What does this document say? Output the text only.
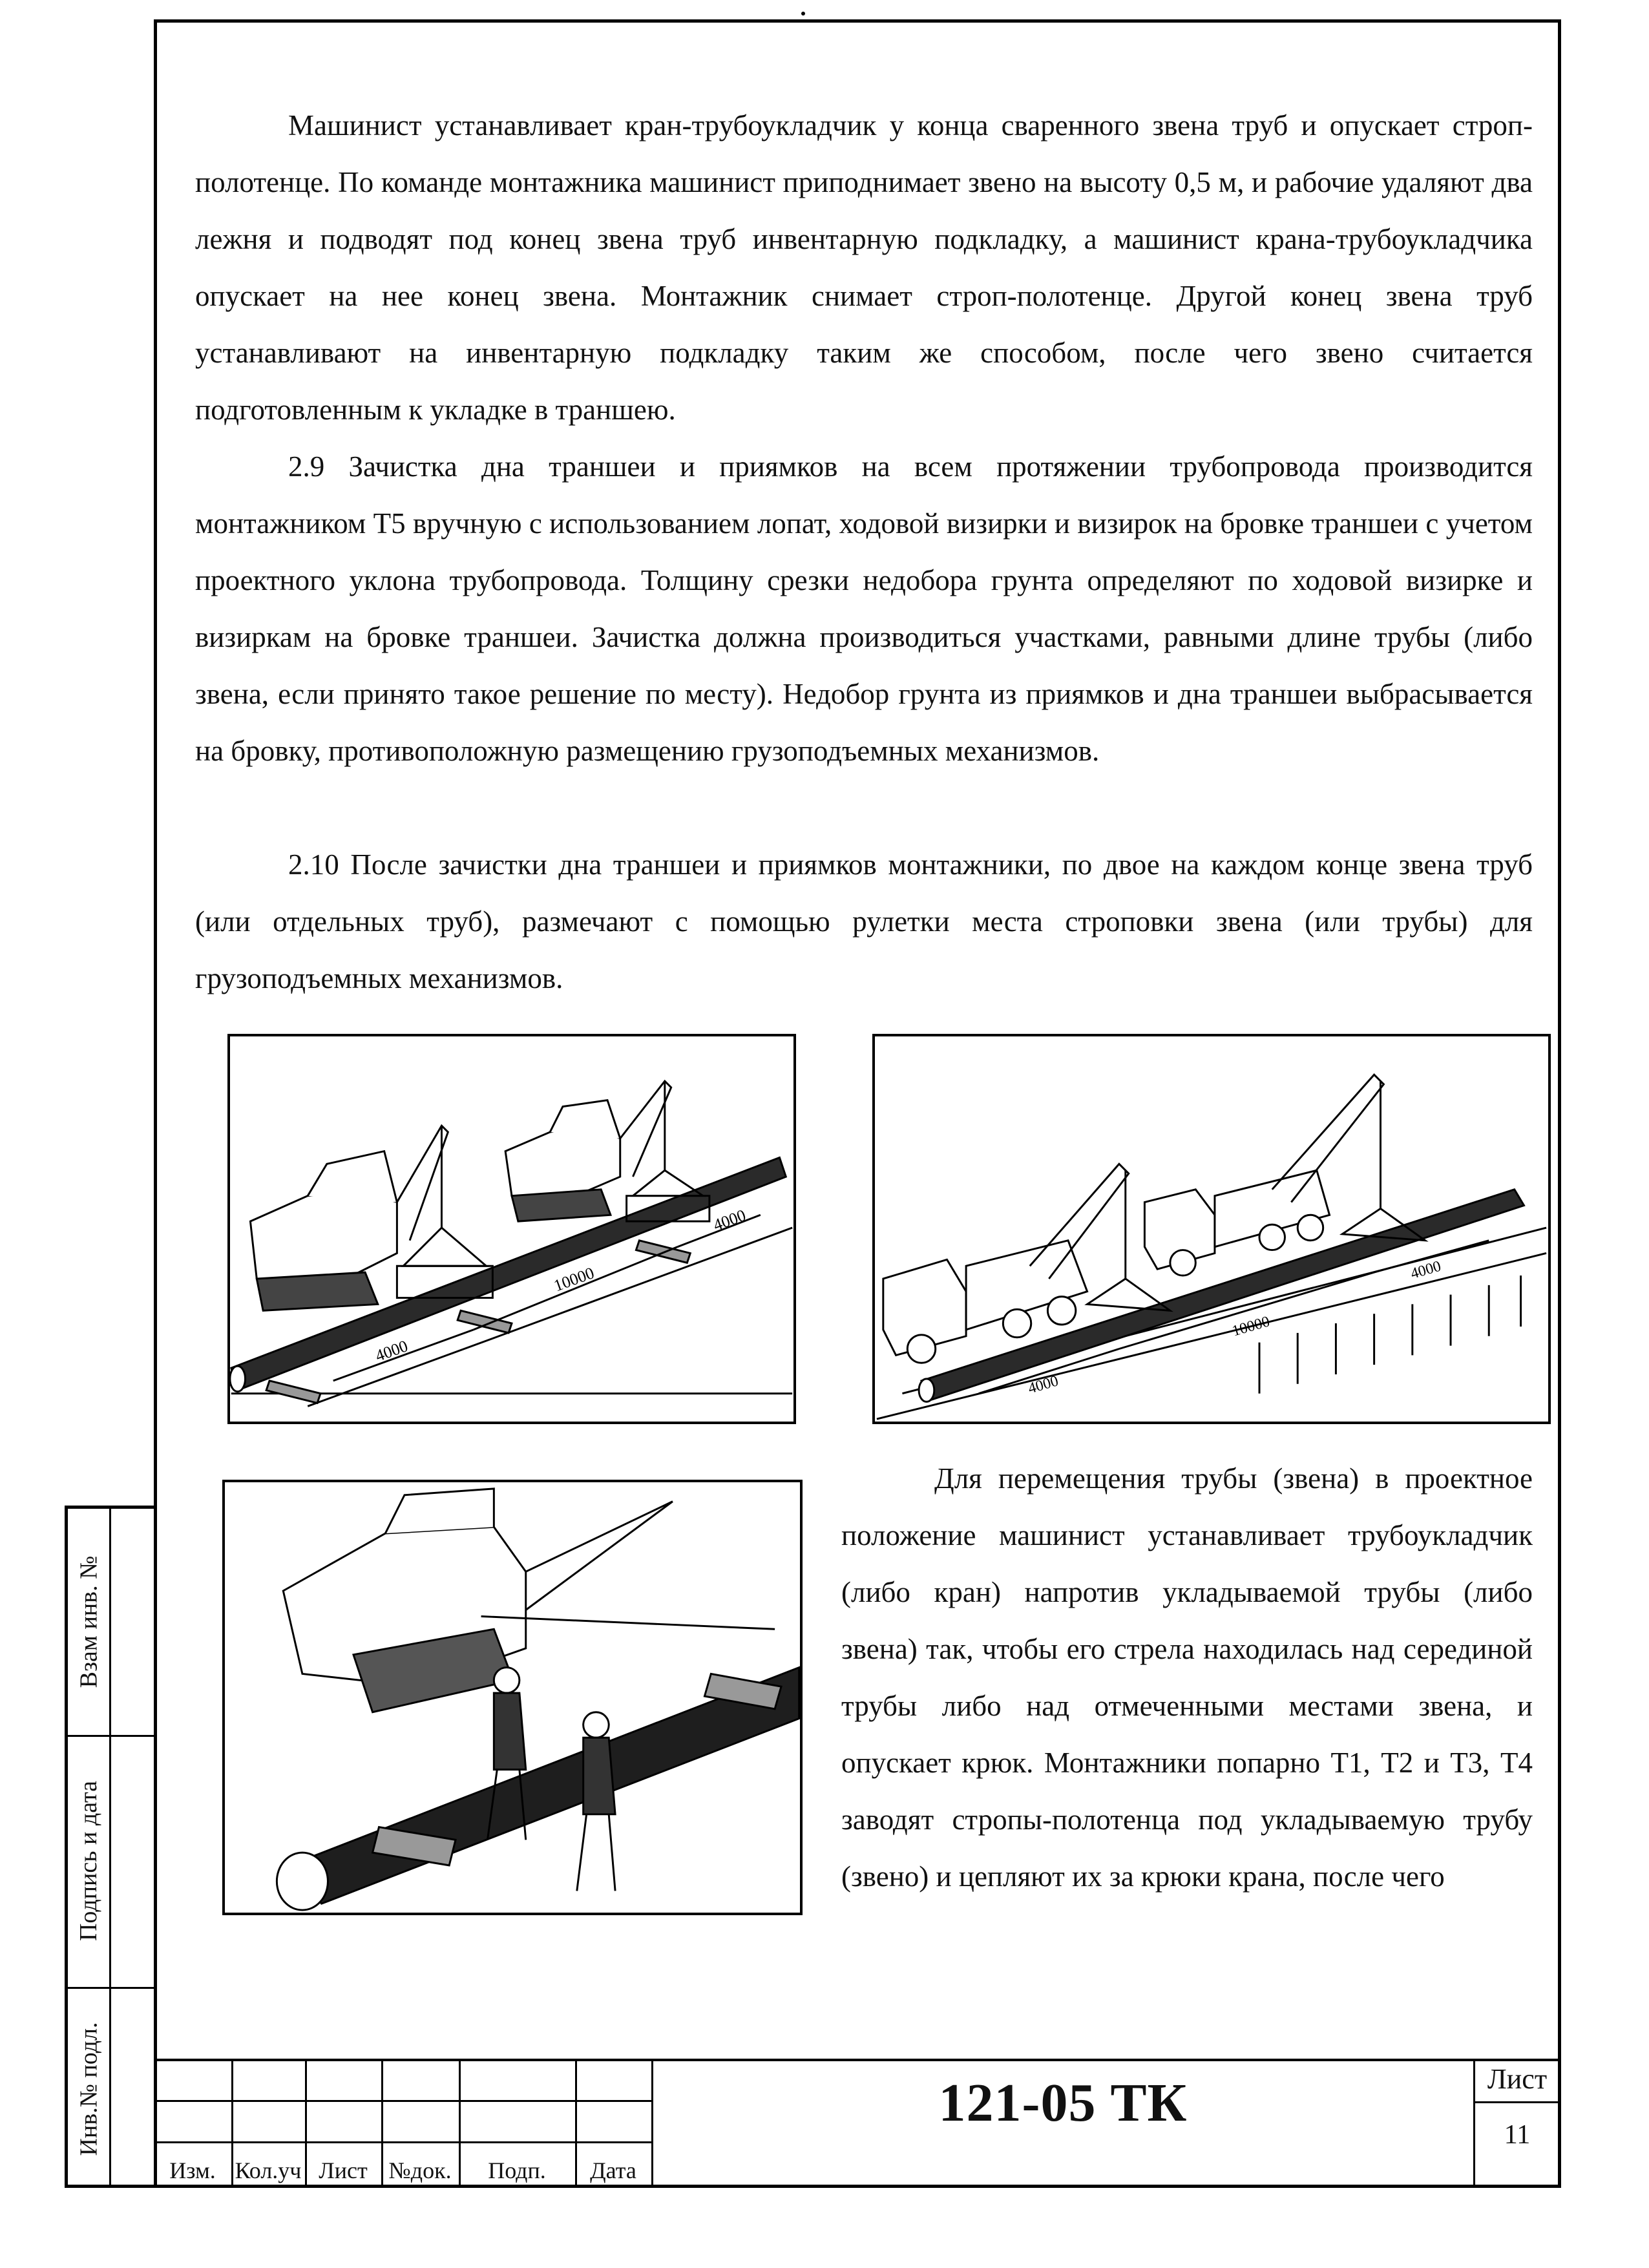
Взам инв. №
Подпись и дата
Инв.№ подл.

Машинист устанавливает кран-трубоукладчик у конца сваренного звена труб и опускает строп-полотенце. По команде монтажника машинист приподнимает звено на высоту 0,5 м, и рабочие удаляют два лежня и подводят под конец звена труб инвентарную подкладку, а машинист крана-трубоукладчика опускает на нее конец звена. Монтажник снимает строп-полотенце. Другой конец звена труб устанавливают на инвентарную подкладку таким же способом, после чего звено считается подготовленным к укладке в траншею.

2.9 Зачистка дна траншеи и приямков на всем протяжении трубопровода производится монтажником Т5 вручную с использованием лопат, ходовой визирки и визирок на бровке траншеи с учетом проектного уклона трубопровода. Толщину срезки недобора грунта определяют по ходовой визирке и визиркам на бровке траншеи. Зачистка должна производиться участками, равными длине трубы (либо звена, если принято такое решение по месту). Недобор грунта из приямков и дна траншеи выбрасывается на бровку, противоположную размещению грузоподъемных механизмов.

2.10 После зачистки дна траншеи и приямков монтажники, по двое на каждом конце звена труб (или отдельных труб), размечают с помощью рулетки места строповки звена (или трубы) для грузоподъемных механизмов.

4000
10000
4000
4000
10000
4000

Для перемещения трубы (звена) в проектное положение машинист устанавливает трубоукладчик (либо кран) напротив укладываемой трубы (либо звена) так, чтобы его стрела находилась над серединой трубы либо над отмеченными местами звена, и опускает крюк. Монтажники попарно Т1, Т2 и Т3, Т4 заводят стропы-полотенца под укладываемую трубу (звено) и цепляют их за крюки крана, после чего

Изм. Кол.уч Лист №док.	Подп.	Дата
121-05 ТК	Лист
11
